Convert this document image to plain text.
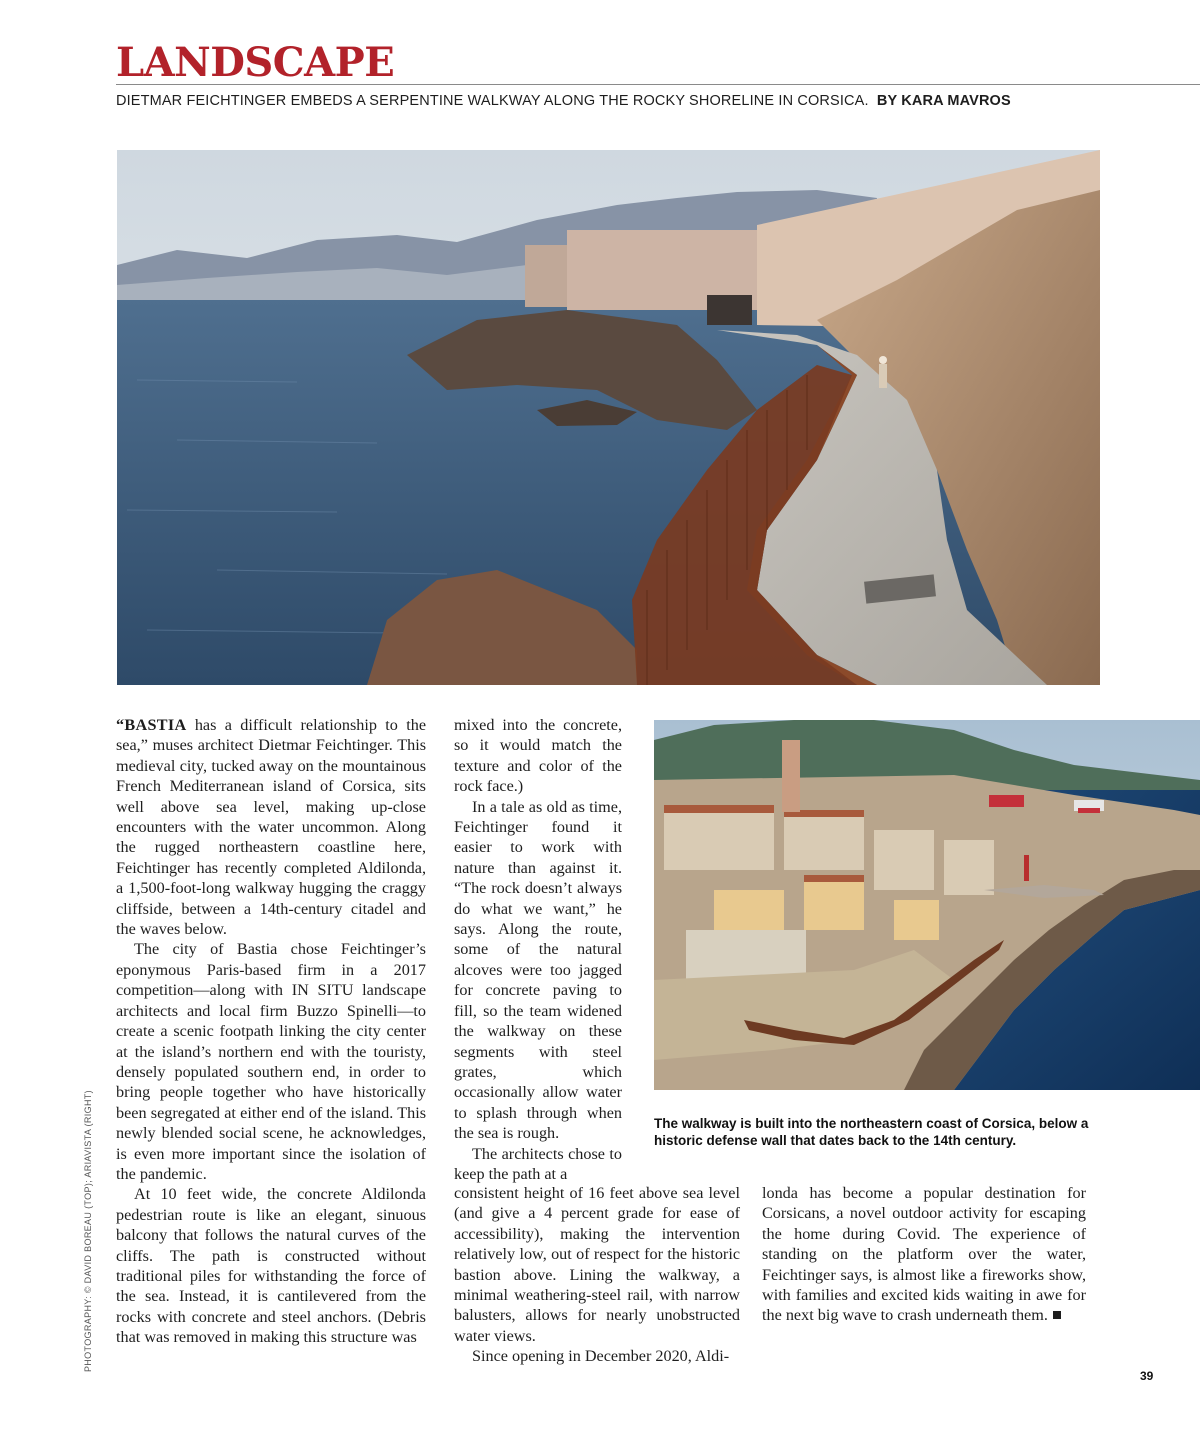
LANDSCAPE
DIETMAR FEICHTINGER EMBEDS A SERPENTINE WALKWAY ALONG THE ROCKY SHORELINE IN CORSICA. BY KARA MAVROS
PHOTOGRAPHY: © DAVID BOREAU (TOP); ARIAVISTA (RIGHT)

“BASTIA has a difficult relationship to the sea,” muses architect Dietmar Feichtinger. This medieval city, tucked away on the mountainous French Mediterranean island of Corsica, sits well above sea level, making up-close encounters with the water uncommon. Along the rugged northeastern coastline here, Feichtinger has recently completed Aldilonda, a 1,500-foot-long walkway hugging the craggy cliffside, between a 14th-century citadel and the waves below.

The city of Bastia chose Feichtinger’s eponymous Paris-based firm in a 2017 competition—along with IN SITU landscape architects and local firm Buzzo Spinelli—to create a scenic footpath linking the city center at the island’s northern end with the touristy, densely populated southern end, in order to bring people together who have historically been segregated at either end of the island. This newly blended social scene, he acknowledges, is even more important since the isolation of the pandemic.

At 10 feet wide, the concrete Aldilonda pedestrian route is like an elegant, sinuous balcony that follows the natural curves of the cliffs. The path is constructed without traditional piles for withstanding the force of the sea. Instead, it is cantilevered from the rocks with concrete and steel anchors. (Debris that was removed in making this structure was

mixed into the concrete, so it would match the texture and color of the rock face.)

In a tale as old as time, Feichtinger found it easier to work with nature than against it. “The rock doesn’t always do what we want,” he says. Along the route, some of the natural alcoves were too jagged for concrete paving to fill, so the team widened the walkway on these segments with steel grates, which occasionally allow water to splash through when the sea is rough.

The architects chose to keep the path at a

consistent height of 16 feet above sea level (and give a 4 percent grade for ease of accessibility), making the intervention relatively low, out of respect for the historic bastion above. Lining the walkway, a minimal weathering-steel rail, with narrow balusters, allows for nearly unobstructed water views.

Since opening in December 2020, Aldi-

londa has become a popular destination for Corsicans, a novel outdoor activity for escaping the home during Covid. The experience of standing on the platform over the water, Feichtinger says, is almost like a fireworks show, with families and excited kids waiting in awe for the next big wave to crash underneath them.

The walkway is built into the northeastern coast of Corsica, below a historic defense wall that dates back to the 14th century.
39
